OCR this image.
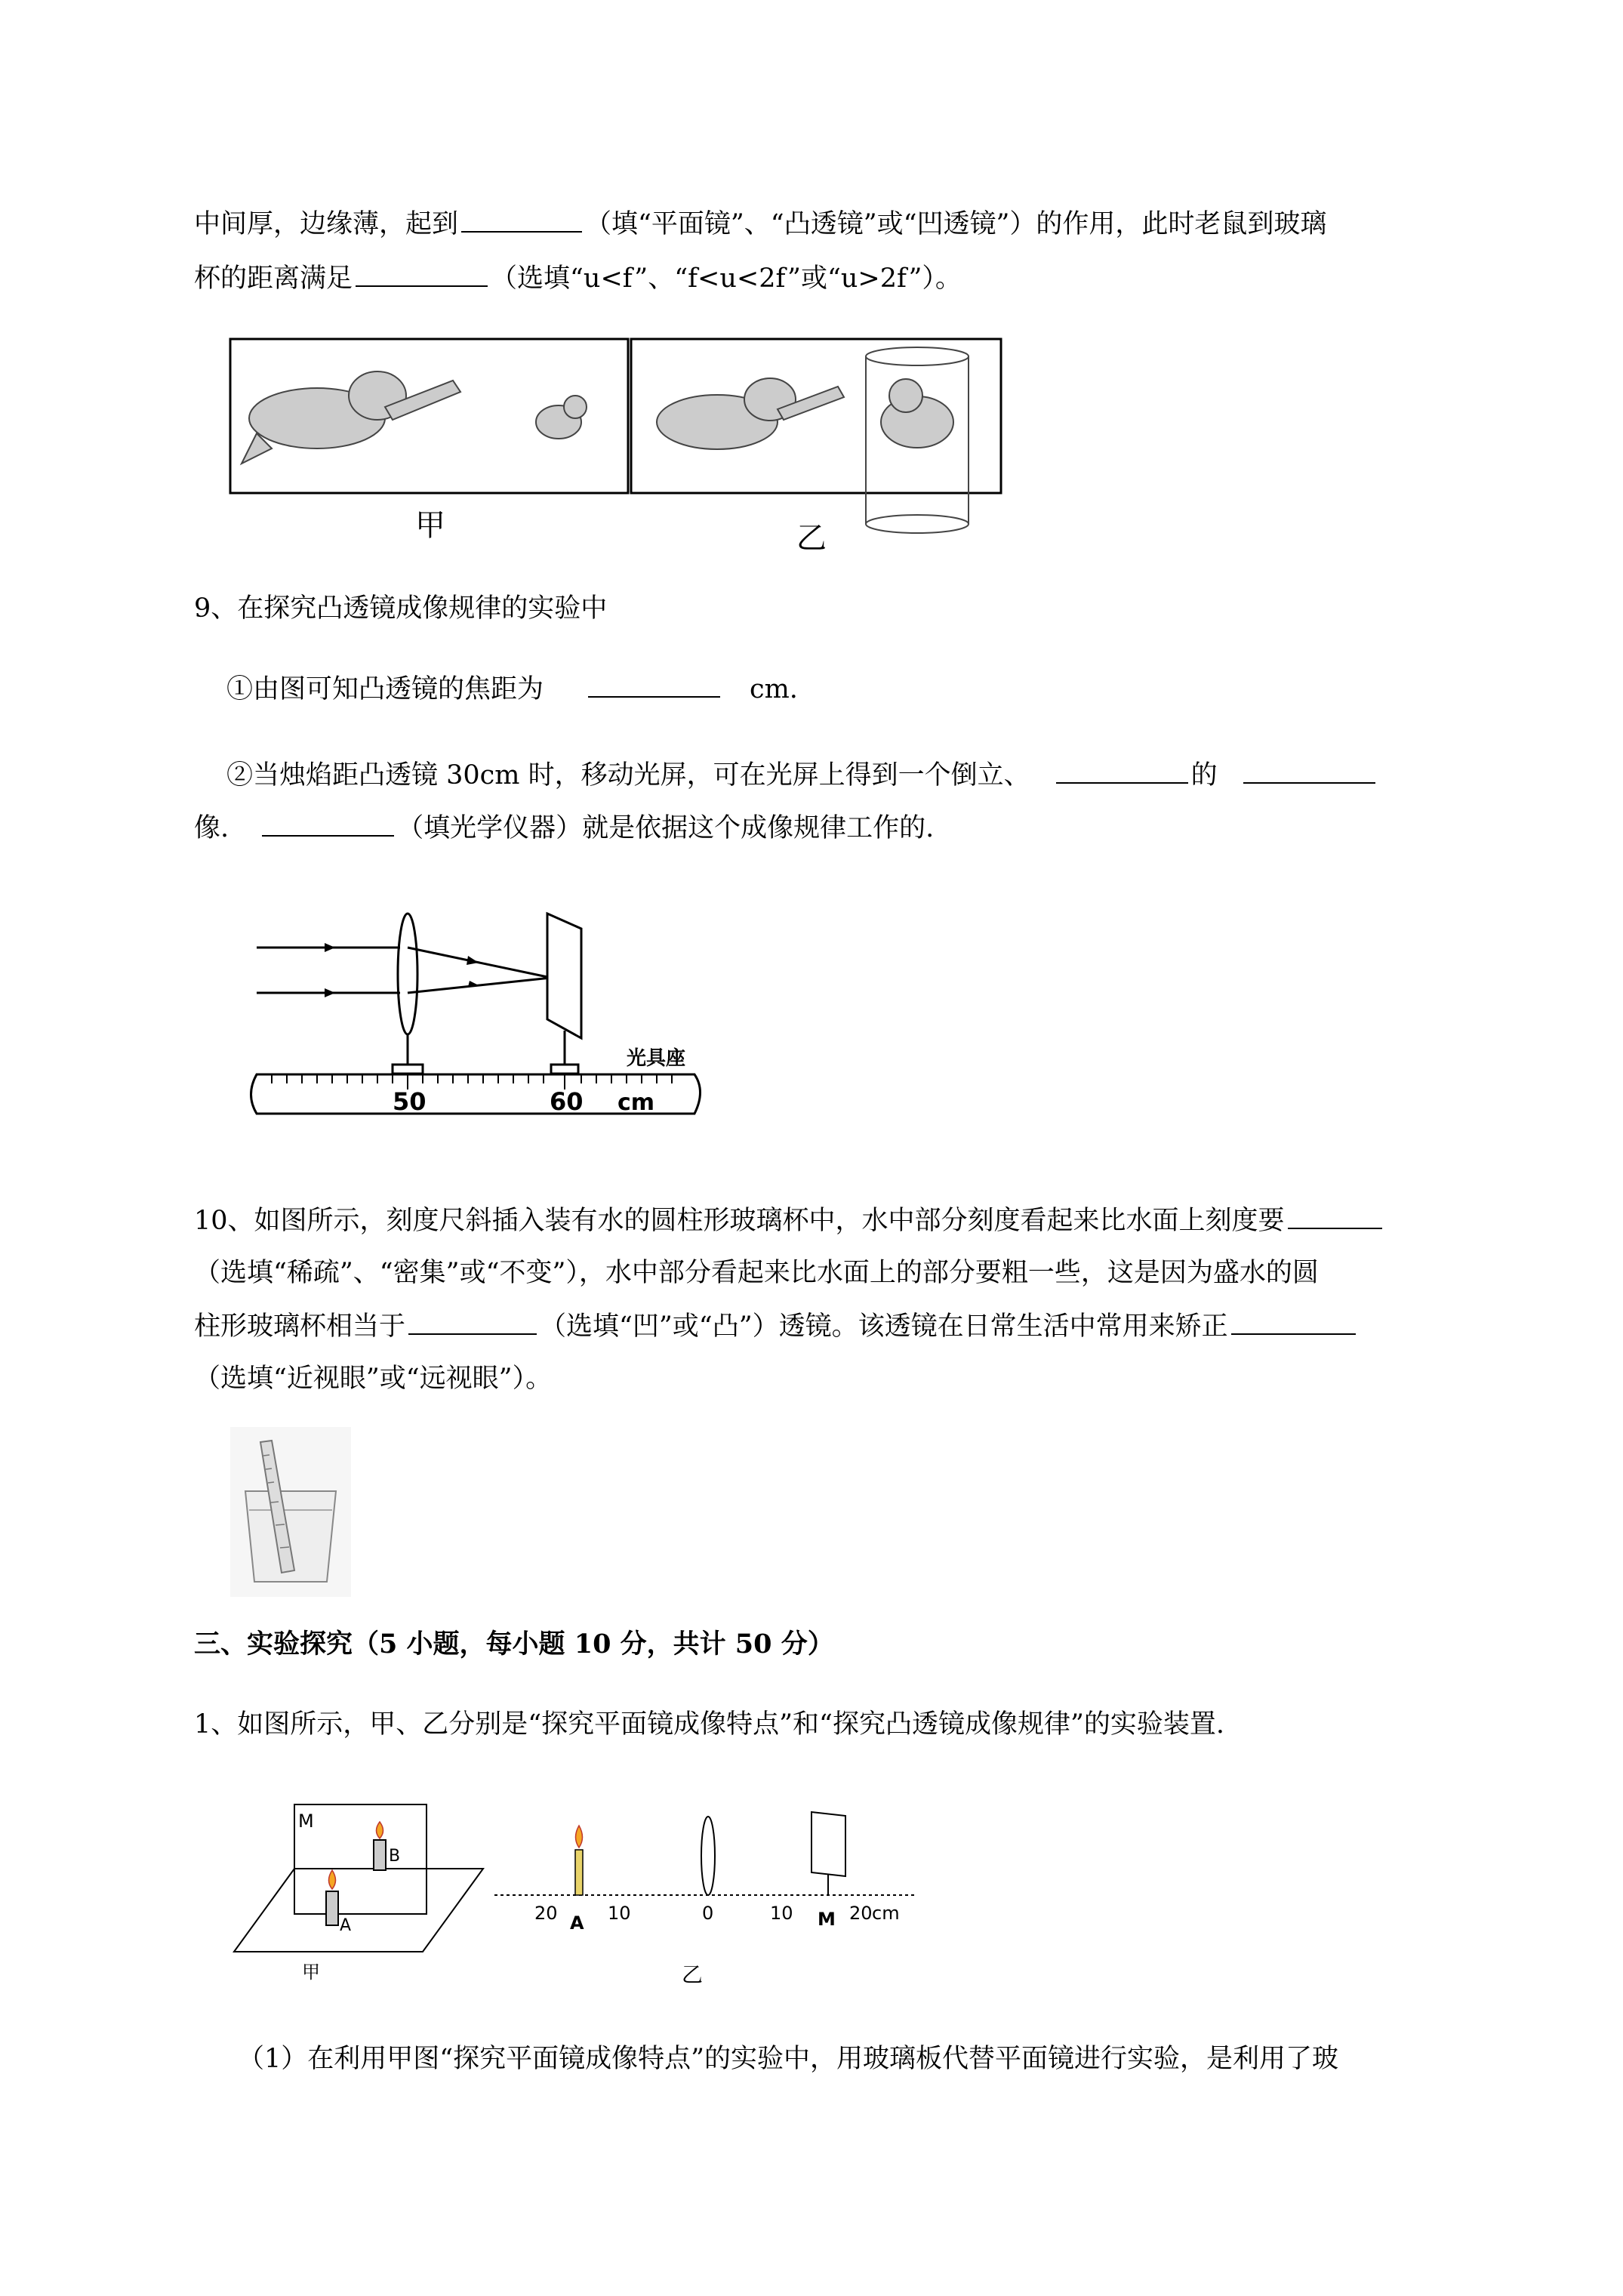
中间厚，边缘薄，起到	（填“平面镜”、“凸透镜”或“凹透镜”）的作用，此时老鼠到玻璃
杯的距离满足	（选填“u<f”、“f<u<2f”或“u>2f”）。
甲	乙
9、在探究凸透镜成像规律的实验中
①由图可知凸透镜的焦距为	cm.
②当烛焰距凸透镜 30cm 时，移动光屏，可在光屏上得到一个倒立、	的
像.	（填光学仪器）就是依据这个成像规律工作的.
50	60 cm
光具座
10、如图所示，刻度尺斜插入装有水的圆柱形玻璃杯中，水中部分刻度看起来比水面上刻度要
（选填“稀疏”、“密集”或“不变”），水中部分看起来比水面上的部分要粗一些，这是因为盛水的圆
柱形玻璃杯相当于	（选填“凹”或“凸”）透镜。该透镜在日常生活中常用来矫正
（选填“近视眼”或“远视眼”）。
三、实验探究（5 小题，每小题 10 分，共计 50 分）
1、如图所示，甲、乙分别是“探究平面镜成像特点”和“探究凸透镜成像规律”的实验装置.
M
B
A
甲
20 A 10	0	10 M 20 cm
乙
（1）在利用甲图“探究平面镜成像特点”的实验中，用玻璃板代替平面镜进行实验，是利用了玻
